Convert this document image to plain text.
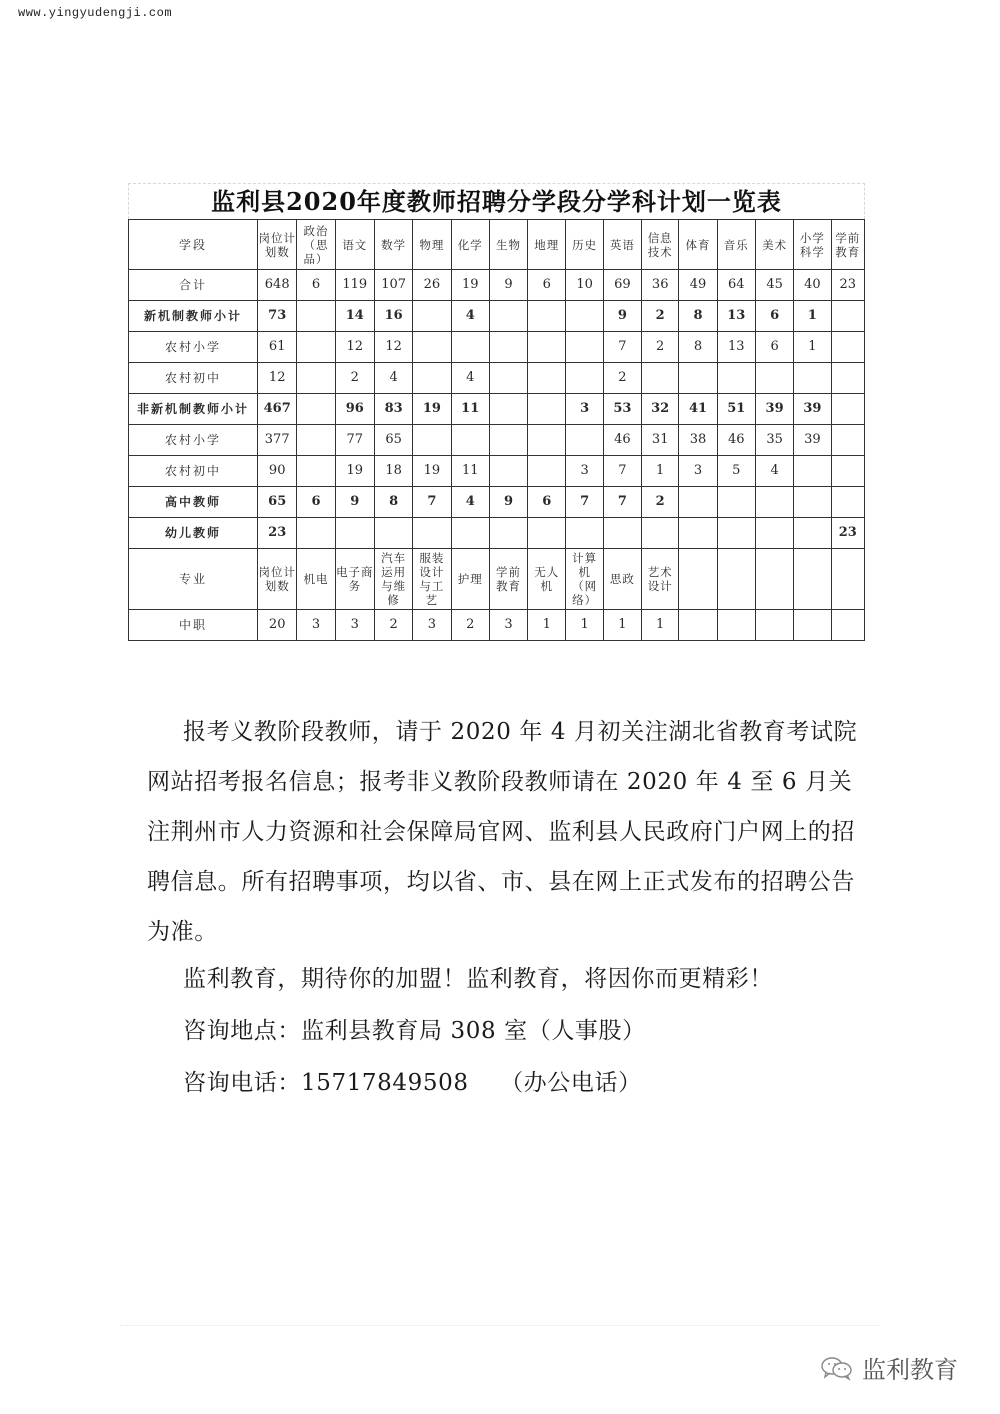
www.yingyudengji.com
监利县2020年度教师招聘分学段分学科计划一览表
学段	岗位计划数	政治（思品）	语文	数学	物理	化学	生物	地理	历史	英语	信息技术	体育	音乐	美术	小学科学	学前教育
合计	648	6	119	107	26	19	9	6	10	69	36	49	64	45	40	23
新机制教师小计	73		14	16		4				9	2	8	13	6	1	
农村小学	61		12	12						7	2	8	13	6	1	
农村初中	12		2	4		4				2						
非新机制教师小计	467		96	83	19	11			3	53	32	41	51	39	39	
农村小学	377		77	65						46	31	38	46	35	39	
农村初中	90		19	18	19	11			3	7	1	3	5	4		
高中教师	65	6	9	8	7	4	9	6	7	7	2					
幼儿教师	23															23
专业	岗位计划数	机电	电子商务	汽车运用与维修	服装设计与工艺	护理	学前教育	无人机	计算机（网络）	思政	艺术设计					
中职	20	3	3	2	3	2	3	1	1	1	1					
报考义教阶段教师，请于 2020 年 4 月初关注湖北省教育考试院网站招考报名信息；报考非义教阶段教师请在 2020 年 4 至 6 月关注荆州市人力资源和社会保障局官网、监利县人民政府门户网上的招聘信息。所有招聘事项，均以省、市、县在网上正式发布的招聘公告为准。
监利教育，期待你的加盟！监利教育，将因你而更精彩！
咨询地点：监利县教育局 308 室（人事股）
咨询电话：15717849508　 （办公电话）
监利教育
